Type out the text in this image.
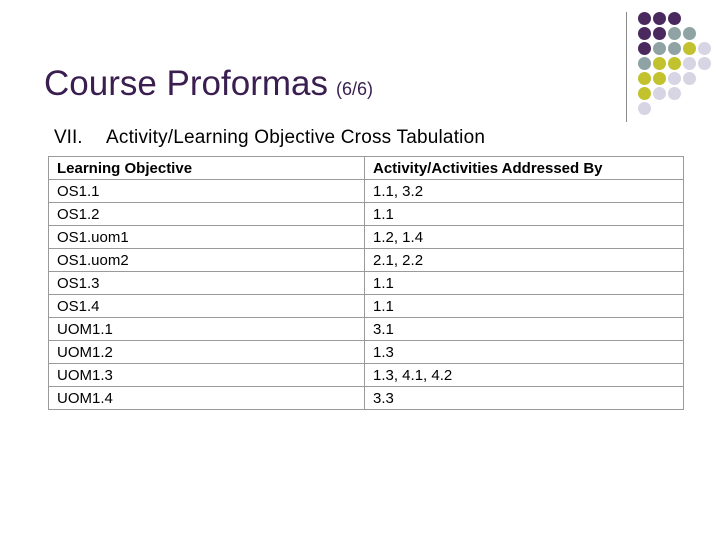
Course Proformas (6/6)
VII. Activity/Learning Objective Cross Tabulation
Learning Objective	Activity/Activities Addressed By
OS1.1	1.1, 3.2
OS1.2	1.1
OS1.uom1	1.2, 1.4
OS1.uom2	2.1, 2.2
OS1.3	1.1
OS1.4	1.1
UOM1.1	3.1
UOM1.2	1.3
UOM1.3	1.3, 4.1, 4.2
UOM1.4	3.3
